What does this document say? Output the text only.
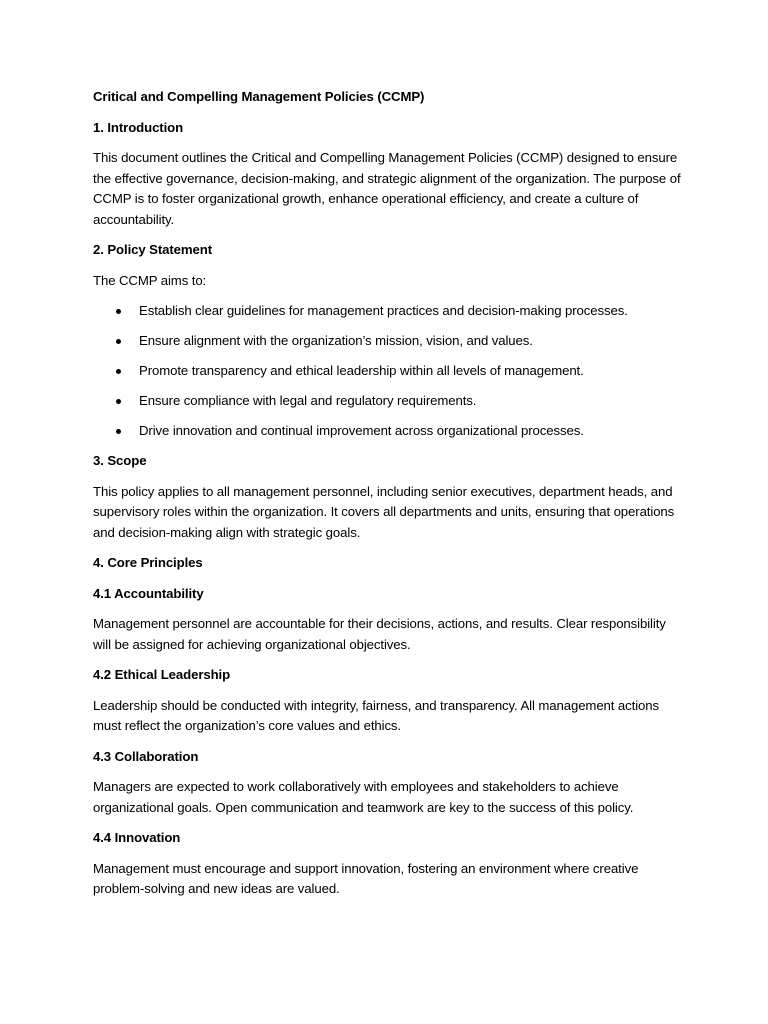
Critical and Compelling Management Policies (CCMP)
1. Introduction
This document outlines the Critical and Compelling Management Policies (CCMP) designed to ensure the effective governance, decision-making, and strategic alignment of the organization. The purpose of CCMP is to foster organizational growth, enhance operational efficiency, and create a culture of accountability.
2. Policy Statement
The CCMP aims to:
Establish clear guidelines for management practices and decision-making processes.
Ensure alignment with the organization’s mission, vision, and values.
Promote transparency and ethical leadership within all levels of management.
Ensure compliance with legal and regulatory requirements.
Drive innovation and continual improvement across organizational processes.
3. Scope
This policy applies to all management personnel, including senior executives, department heads, and supervisory roles within the organization. It covers all departments and units, ensuring that operations and decision-making align with strategic goals.
4. Core Principles
4.1 Accountability
Management personnel are accountable for their decisions, actions, and results. Clear responsibility will be assigned for achieving organizational objectives.
4.2 Ethical Leadership
Leadership should be conducted with integrity, fairness, and transparency. All management actions must reflect the organization’s core values and ethics.
4.3 Collaboration
Managers are expected to work collaboratively with employees and stakeholders to achieve organizational goals. Open communication and teamwork are key to the success of this policy.
4.4 Innovation
Management must encourage and support innovation, fostering an environment where creative problem-solving and new ideas are valued.
